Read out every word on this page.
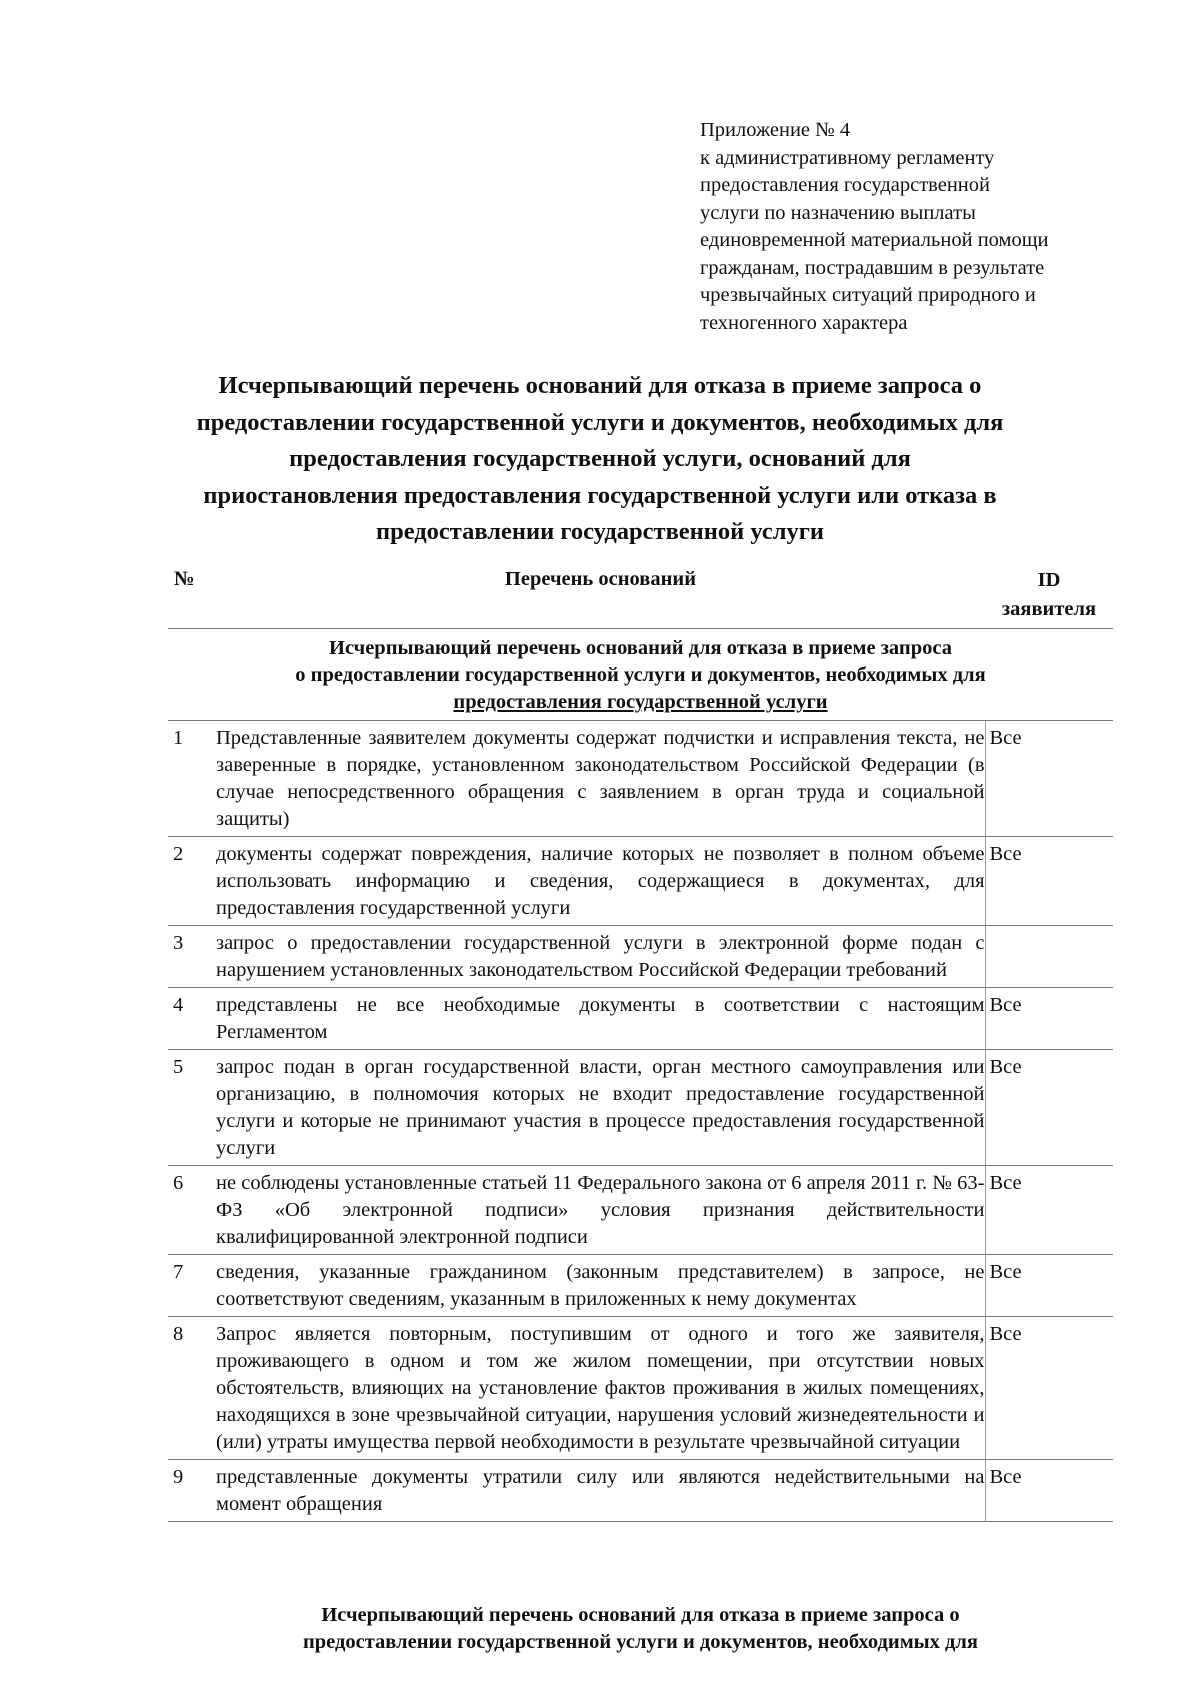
Приложение № 4
к административному регламенту
предоставления государственной
услуги по назначению выплаты
единовременной материальной помощи
гражданам, пострадавшим в результате
чрезвычайных ситуаций природного и
техногенного характера
Исчерпывающий перечень оснований для отказа в приеме запроса о
предоставлении государственной услуги и документов, необходимых для
предоставления государственной услуги, оснований для
приостановления предоставления государственной услуги или отказа в
предоставлении государственной услуги
№	Перечень оснований	ID
заявителя

Исчерпывающий перечень оснований для отказа в приеме запроса
о предоставлении государственной услуги и документов, необходимых для
предоставления государственной услуги		

1	Представленные заявителем документы содержат подчистки и исправления текста, не заверенные в порядке, установленном законодательством Российской Федерации (в случае непосредственного обращения с заявлением в орган труда и социальной защиты)	Все
2	документы содержат повреждения, наличие которых не позволяет в полном объеме использовать информацию и сведения, содержащиеся в документах, для предоставления государственной услуги	Все
3	запрос о предоставлении государственной услуги в электронной форме подан с нарушением установленных законодательством Российской Федерации требований	
4	представлены не все необходимые документы в соответствии с настоящим Регламентом	Все
5	запрос подан в орган государственной власти, орган местного самоуправления или организацию, в полномочия которых не входит предоставление государственной услуги и которые не принимают участия в процессе предоставления государственной услуги	Все
6	не соблюдены установленные статьей 11 Федерального закона от 6 апреля 2011 г. № 63-ФЗ «Об электронной подписи» условия признания действительности квалифицированной электронной подписи	Все
7	сведения, указанные гражданином (законным представителем) в запросе, не соответствуют сведениям, указанным в приложенных к нему документах	Все
8	Запрос является повторным, поступившим от одного и того же заявителя, проживающего в одном и том же жилом помещении, при отсутствии новых обстоятельств, влияющих на установление фактов проживания в жилых помещениях, находящихся в зоне чрезвычайной ситуации, нарушения условий жизнедеятельности и (или) утраты имущества первой необходимости в результате чрезвычайной ситуации	Все
9	представленные документы утратили силу или являются недействительными на момент обращения	Все
Исчерпывающий перечень оснований для отказа в приеме запроса о
предоставлении государственной услуги и документов, необходимых для
